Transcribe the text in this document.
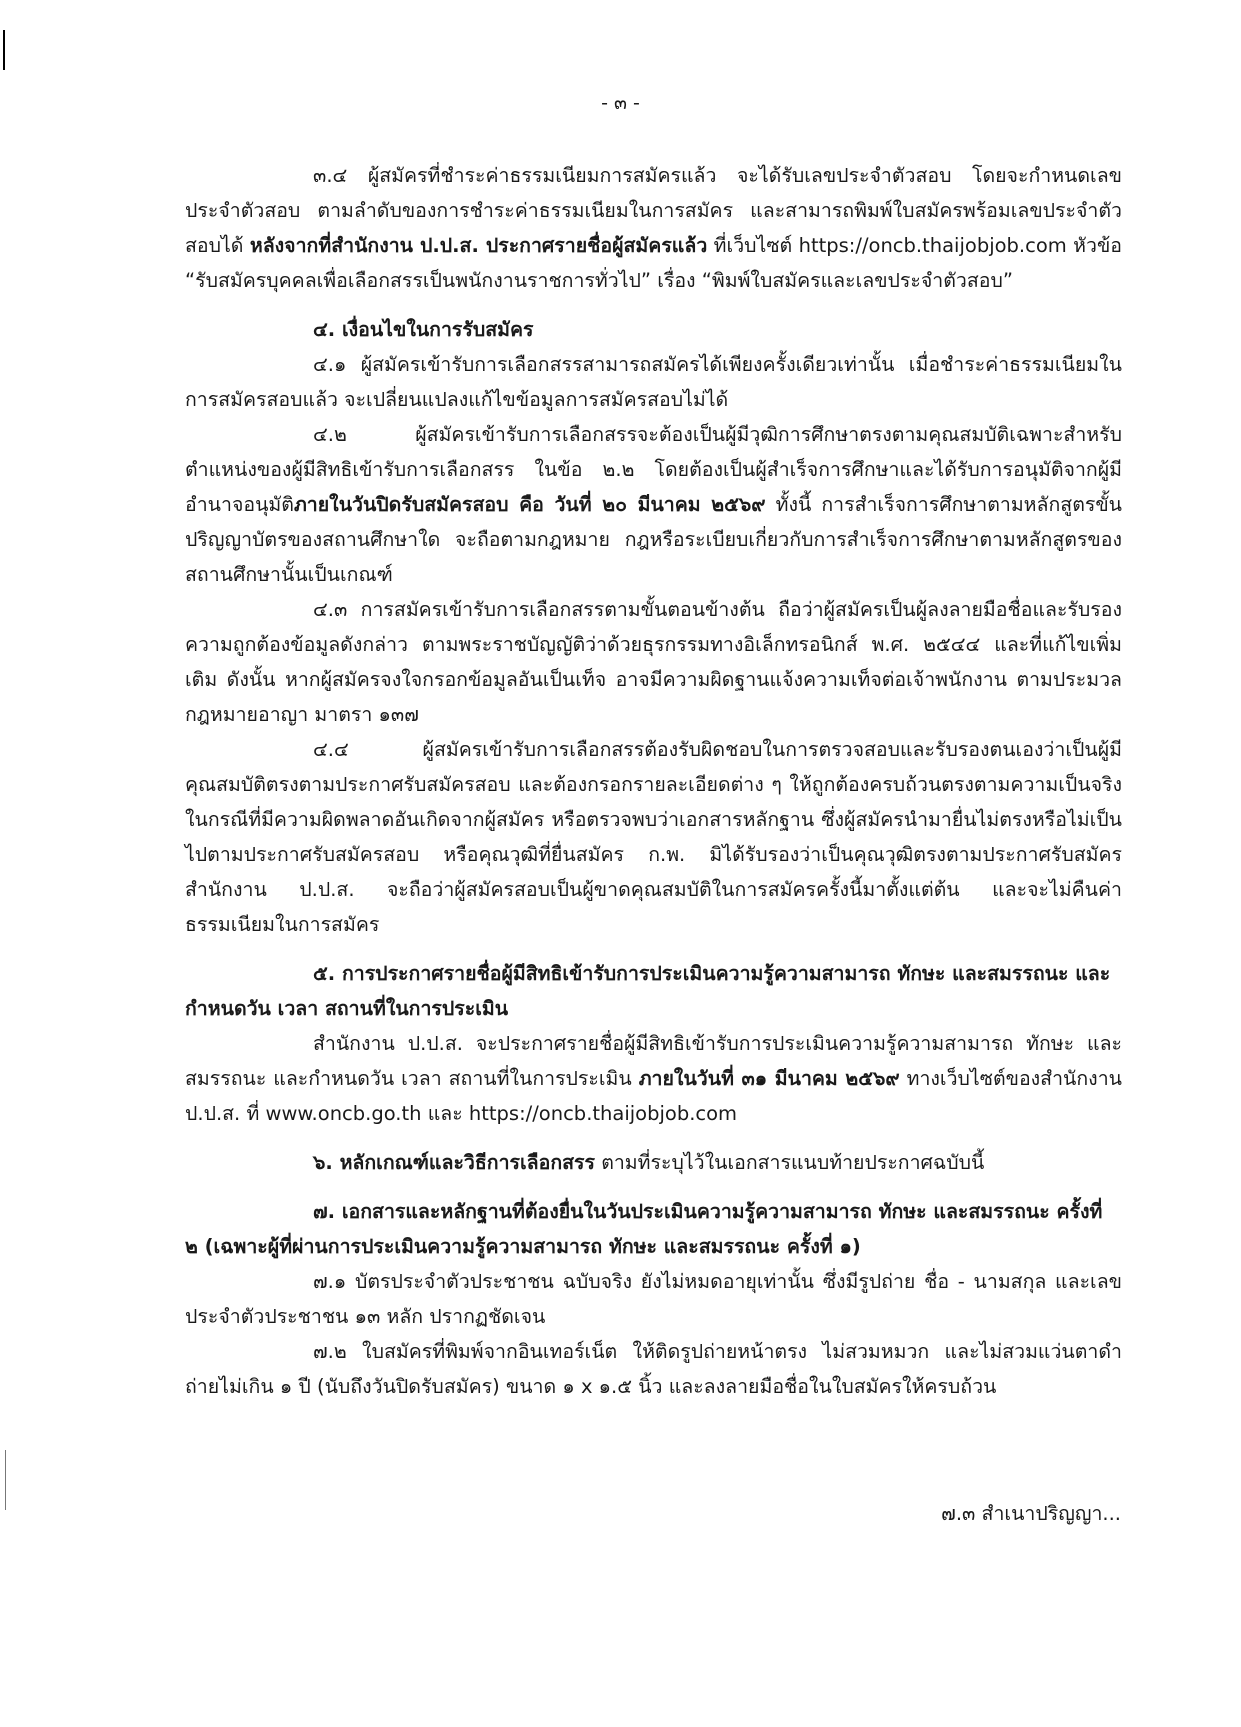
- ๓ -

๓.๔ ผู้สมัครที่ชำระค่าธรรมเนียมการสมัครแล้ว จะได้รับเลขประจำตัวสอบ โดยจะกำหนดเลขประจำตัวสอบ ตามลำดับของการชำระค่าธรรมเนียมในการสมัคร และสามารถพิมพ์ใบสมัครพร้อมเลขประจำตัวสอบได้ หลังจากที่สำนักงาน ป.ป.ส. ประกาศรายชื่อผู้สมัครแล้ว ที่เว็บไซต์ https://oncb.thaijobjob.com หัวข้อ “รับสมัครบุคคลเพื่อเลือกสรรเป็นพนักงานราชการทั่วไป” เรื่อง “พิมพ์ใบสมัครและเลขประจำตัวสอบ”

๔. เงื่อนไขในการรับสมัคร

๔.๑ ผู้สมัครเข้ารับการเลือกสรรสามารถสมัครได้เพียงครั้งเดียวเท่านั้น เมื่อชำระค่าธรรมเนียมในการสมัครสอบแล้ว จะเปลี่ยนแปลงแก้ไขข้อมูลการสมัครสอบไม่ได้

๔.๒ ผู้สมัครเข้ารับการเลือกสรรจะต้องเป็นผู้มีวุฒิการศึกษาตรงตามคุณสมบัติเฉพาะสำหรับตำแหน่งของผู้มีสิทธิเข้ารับการเลือกสรร ในข้อ ๒.๒ โดยต้องเป็นผู้สำเร็จการศึกษาและได้รับการอนุมัติจากผู้มีอำนาจอนุมัติภายในวันปิดรับสมัครสอบ คือ วันที่ ๒๐ มีนาคม ๒๕๖๙ ทั้งนี้ การสำเร็จการศึกษาตามหลักสูตรขั้นปริญญาบัตรของสถานศึกษาใด จะถือตามกฎหมาย กฎหรือระเบียบเกี่ยวกับการสำเร็จการศึกษาตามหลักสูตรของสถานศึกษานั้นเป็นเกณฑ์

๔.๓ การสมัครเข้ารับการเลือกสรรตามขั้นตอนข้างต้น ถือว่าผู้สมัครเป็นผู้ลงลายมือชื่อและรับรองความถูกต้องข้อมูลดังกล่าว ตามพระราชบัญญัติว่าด้วยธุรกรรมทางอิเล็กทรอนิกส์ พ.ศ. ๒๕๔๔ และที่แก้ไขเพิ่มเติม ดังนั้น หากผู้สมัครจงใจกรอกข้อมูลอันเป็นเท็จ อาจมีความผิดฐานแจ้งความเท็จต่อเจ้าพนักงาน ตามประมวลกฎหมายอาญา มาตรา ๑๓๗

๔.๔ ผู้สมัครเข้ารับการเลือกสรรต้องรับผิดชอบในการตรวจสอบและรับรองตนเองว่าเป็นผู้มีคุณสมบัติตรงตามประกาศรับสมัครสอบ และต้องกรอกรายละเอียดต่าง ๆ ให้ถูกต้องครบถ้วนตรงตามความเป็นจริงในกรณีที่มีความผิดพลาดอันเกิดจากผู้สมัคร หรือตรวจพบว่าเอกสารหลักฐาน ซึ่งผู้สมัครนำมายื่นไม่ตรงหรือไม่เป็นไปตามประกาศรับสมัครสอบ หรือคุณวุฒิที่ยื่นสมัคร ก.พ. มิได้รับรองว่าเป็นคุณวุฒิตรงตามประกาศรับสมัคร สำนักงาน ป.ป.ส. จะถือว่าผู้สมัครสอบเป็นผู้ขาดคุณสมบัติในการสมัครครั้งนี้มาตั้งแต่ต้น และจะไม่คืนค่าธรรมเนียมในการสมัคร

๕. การประกาศรายชื่อผู้มีสิทธิเข้ารับการประเมินความรู้ความสามารถ ทักษะ และสมรรถนะ และกำหนดวัน เวลา สถานที่ในการประเมิน

สำนักงาน ป.ป.ส. จะประกาศรายชื่อผู้มีสิทธิเข้ารับการประเมินความรู้ความสามารถ ทักษะ และสมรรถนะ และกำหนดวัน เวลา สถานที่ในการประเมิน ภายในวันที่ ๓๑ มีนาคม ๒๕๖๙ ทางเว็บไซต์ของสำนักงาน ป.ป.ส. ที่ www.oncb.go.th และ https://oncb.thaijobjob.com

๖. หลักเกณฑ์และวิธีการเลือกสรร ตามที่ระบุไว้ในเอกสารแนบท้ายประกาศฉบับนี้

๗. เอกสารและหลักฐานที่ต้องยื่นในวันประเมินความรู้ความสามารถ ทักษะ และสมรรถนะ ครั้งที่ ๒ (เฉพาะผู้ที่ผ่านการประเมินความรู้ความสามารถ ทักษะ และสมรรถนะ ครั้งที่ ๑)

๗.๑ บัตรประจำตัวประชาชน ฉบับจริง ยังไม่หมดอายุเท่านั้น ซึ่งมีรูปถ่าย ชื่อ - นามสกุล และเลขประจำตัวประชาชน ๑๓ หลัก ปรากฏชัดเจน

๗.๒ ใบสมัครที่พิมพ์จากอินเทอร์เน็ต ให้ติดรูปถ่ายหน้าตรง ไม่สวมหมวก และไม่สวมแว่นตาดำ ถ่ายไม่เกิน ๑ ปี (นับถึงวันปิดรับสมัคร) ขนาด ๑ x ๑.๕ นิ้ว และลงลายมือชื่อในใบสมัครให้ครบถ้วน

๗.๓ สำเนาปริญญา...
